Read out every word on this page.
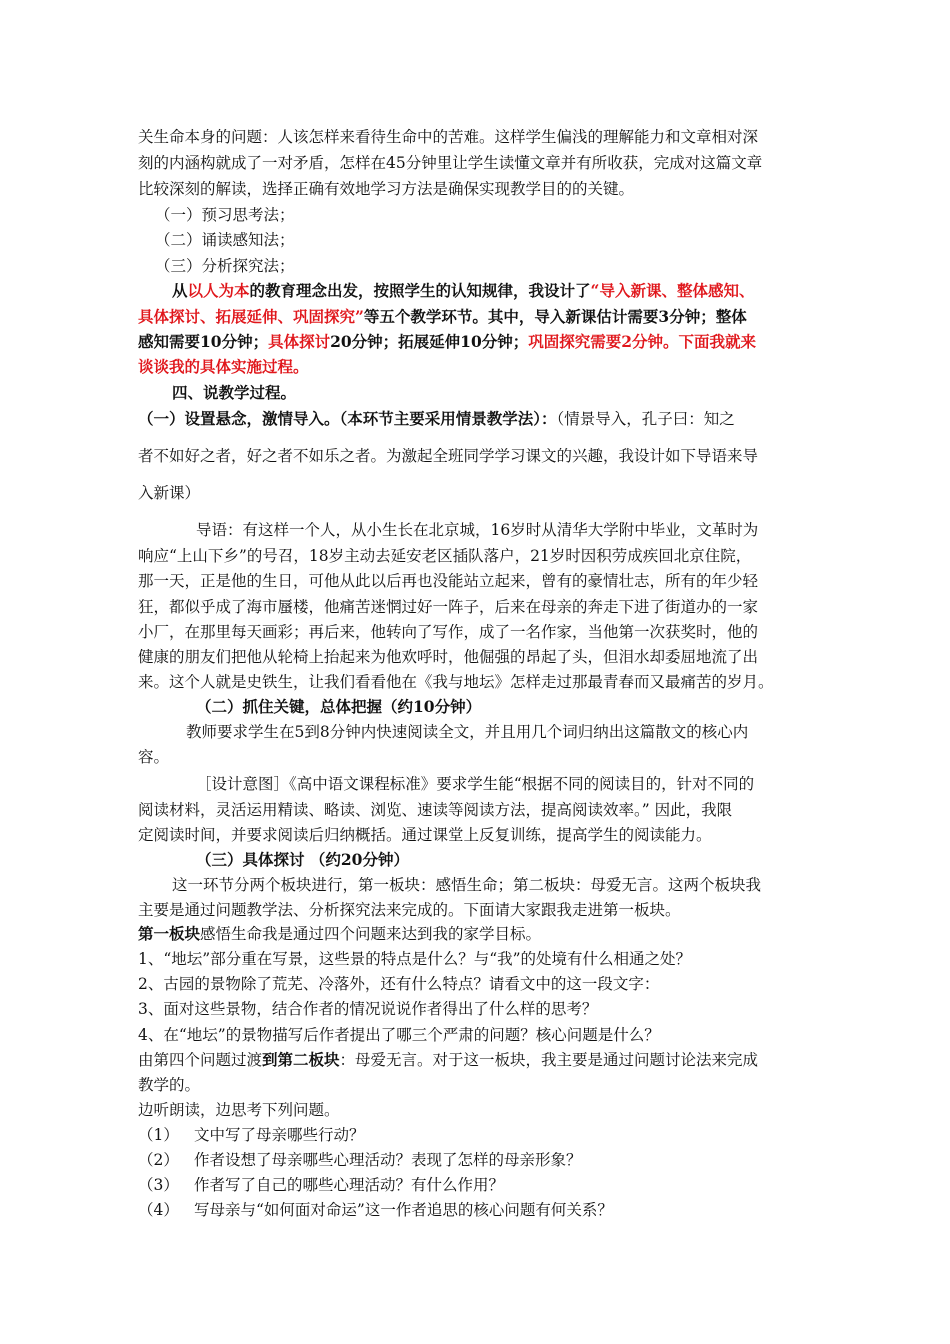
关生命本身的问题：人该怎样来看待生命中的苦难。这样学生偏浅的理解能力和文章相对深
刻的内涵构就成了一对矛盾，怎样在45分钟里让学生读懂文章并有所收获，完成对这篇文章
比较深刻的解读，选择正确有效地学习方法是确保实现教学目的的关键。
（一）预习思考法；
（二）诵读感知法；
（三）分析探究法；
从以人为本的教育理念出发，按照学生的认知规律，我设计了“导入新课、整体感知、
具体探讨、拓展延伸、巩固探究”等五个教学环节。其中，导入新课估计需要3分钟；整体
感知需要10分钟；具体探讨20分钟；拓展延伸10分钟；巩固探究需要2分钟。下面我就来
谈谈我的具体实施过程。
四、说教学过程。
（一）设置悬念，激情导入。（本环节主要采用情景教学法）：（情景导入，孔子曰：知之
者不如好之者，好之者不如乐之者。为激起全班同学学习课文的兴趣，我设计如下导语来导
入新课）
导语：有这样一个人，从小生长在北京城，16岁时从清华大学附中毕业，文革时为
响应“上山下乡”的号召，18岁主动去延安老区插队落户，21岁时因积劳成疾回北京住院，
那一天，正是他的生日，可他从此以后再也没能站立起来，曾有的豪情壮志，所有的年少轻
狂，都似乎成了海市蜃楼，他痛苦迷惘过好一阵子，后来在母亲的奔走下进了街道办的一家
小厂，在那里每天画彩；再后来，他转向了写作，成了一名作家，当他第一次获奖时，他的
健康的朋友们把他从轮椅上抬起来为他欢呼时，他倔强的昂起了头，但泪水却委屈地流了出
来。这个人就是史铁生，让我们看看他在《我与地坛》怎样走过那最青春而又最痛苦的岁月。
（二）抓住关键，总体把握（约10分钟）
教师要求学生在5到8分钟内快速阅读全文，并且用几个词归纳出这篇散文的核心内
容。
［设计意图］《高中语文课程标准》要求学生能“根据不同的阅读目的，针对不同的
阅读材料，灵活运用精读、略读、浏览、速读等阅读方法，提高阅读效率。” 因此，我限
定阅读时间，并要求阅读后归纳概括。通过课堂上反复训练，提高学生的阅读能力。
（三）具体探讨 （约20分钟）
这一环节分两个板块进行，第一板块：感悟生命；第二板块：母爱无言。这两个板块我
主要是通过问题教学法、分析探究法来完成的。下面请大家跟我走进第一板块。
第一板块感悟生命我是通过四个问题来达到我的家学目标。
1、“地坛”部分重在写景，这些景的特点是什么？与“我”的处境有什么相通之处？
2、古园的景物除了荒芜、冷落外，还有什么特点？请看文中的这一段文字：
3、面对这些景物，结合作者的情况说说作者得出了什么样的思考？
4、在“地坛”的景物描写后作者提出了哪三个严肃的问题？核心问题是什么？
由第四个问题过渡到第二板块：母爱无言。对于这一板块，我主要是通过问题讨论法来完成
教学的。
边听朗读，边思考下列问题。
（1） 文中写了母亲哪些行动？
（2） 作者设想了母亲哪些心理活动？表现了怎样的母亲形象？
（3） 作者写了自己的哪些心理活动？有什么作用？
（4） 写母亲与“如何面对命运”这一作者追思的核心问题有何关系？
